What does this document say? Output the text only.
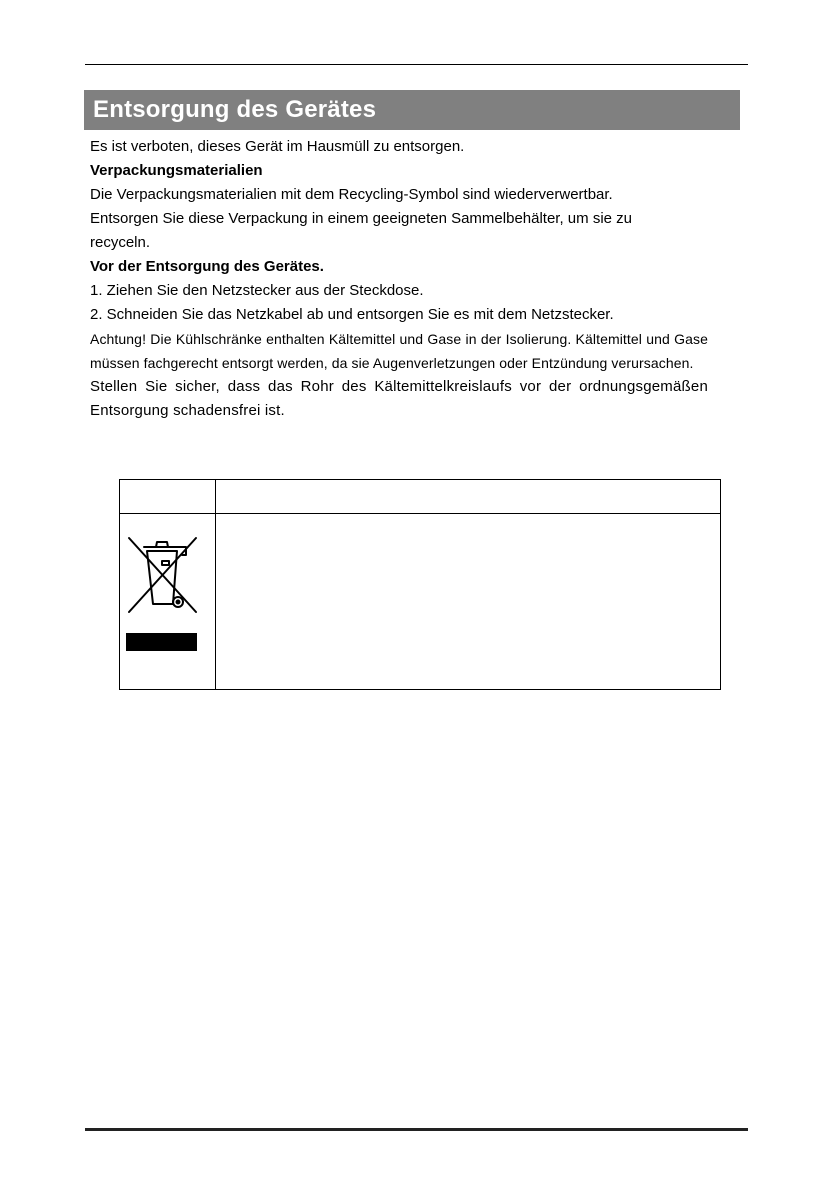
Entsorgung des Gerätes
Es ist verboten, dieses Gerät im Hausmüll zu entsorgen.
Verpackungsmaterialien
Die Verpackungsmaterialien mit dem Recycling-Symbol sind wiederverwertbar.
Entsorgen Sie diese Verpackung in einem geeigneten Sammelbehälter, um sie zu
recyceln.
Vor der Entsorgung des Gerätes.
1. Ziehen Sie den Netzstecker aus der Steckdose.
2. Schneiden Sie das Netzkabel ab und entsorgen Sie es mit dem Netzstecker.
Achtung! Die Kühlschränke enthalten Kältemittel und Gase in der Isolierung. Kältemittel und Gase müssen fachgerecht entsorgt werden, da sie Augenverletzungen oder Entzündung verursachen.
Stellen Sie sicher, dass das Rohr des Kältemittelkreislaufs vor der ordnungsgemäßen Entsorgung schadensfrei ist.
